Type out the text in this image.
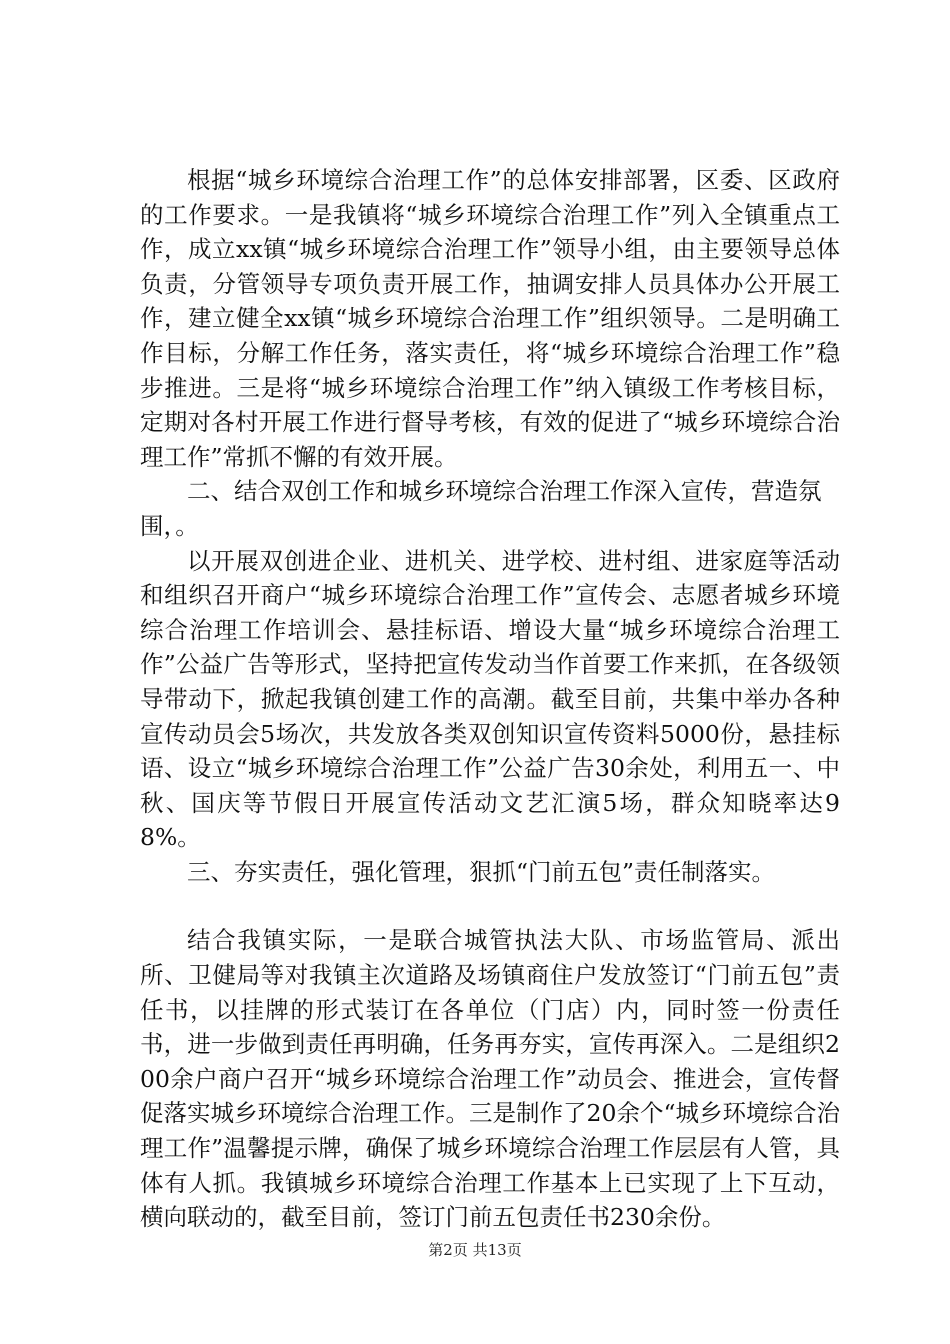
根据“城乡环境综合治理工作”的总体安排部署，区委、区政府的工作要求。一是我镇将“城乡环境综合治理工作”列入全镇重点工作，成立xx镇“城乡环境综合治理工作”领导小组，由主要领导总体负责，分管领导专项负责开展工作，抽调安排人员具体办公开展工作，建立健全xx镇“城乡环境综合治理工作”组织领导。二是明确工作目标，分解工作任务，落实责任，将“城乡环境综合治理工作”稳步推进。三是将“城乡环境综合治理工作”纳入镇级工作考核目标，定期对各村开展工作进行督导考核，有效的促进了“城乡环境综合治理工作”常抓不懈的有效开展。

二、结合双创工作和城乡环境综合治理工作深入宣传，营造氛围，。

以开展双创进企业、进机关、进学校、进村组、进家庭等活动和组织召开商户“城乡环境综合治理工作”宣传会、志愿者城乡环境综合治理工作培训会、悬挂标语、增设大量“城乡环境综合治理工作”公益广告等形式，坚持把宣传发动当作首要工作来抓，在各级领导带动下，掀起我镇创建工作的高潮。截至目前，共集中举办各种宣传动员会5场次，共发放各类双创知识宣传资料5000份，悬挂标语、设立“城乡环境综合治理工作”公益广告30余处，利用五一、中秋、国庆等节假日开展宣传活动文艺汇演5场，群众知晓率达98%。

三、夯实责任，强化管理，狠抓“门前五包”责任制落实。

结合我镇实际，一是联合城管执法大队、市场监管局、派出所、卫健局等对我镇主次道路及场镇商住户发放签订“门前五包”责任书，以挂牌的形式装订在各单位（门店）内，同时签一份责任书，进一步做到责任再明确，任务再夯实，宣传再深入。二是组织200余户商户召开“城乡环境综合治理工作”动员会、推进会，宣传督促落实城乡环境综合治理工作。三是制作了20余个“城乡环境综合治理工作”温馨提示牌，确保了城乡环境综合治理工作层层有人管，具体有人抓。我镇城乡环境综合治理工作基本上已实现了上下互动，横向联动的，截至目前，签订门前五包责任书230余份。

第2页 共13页
